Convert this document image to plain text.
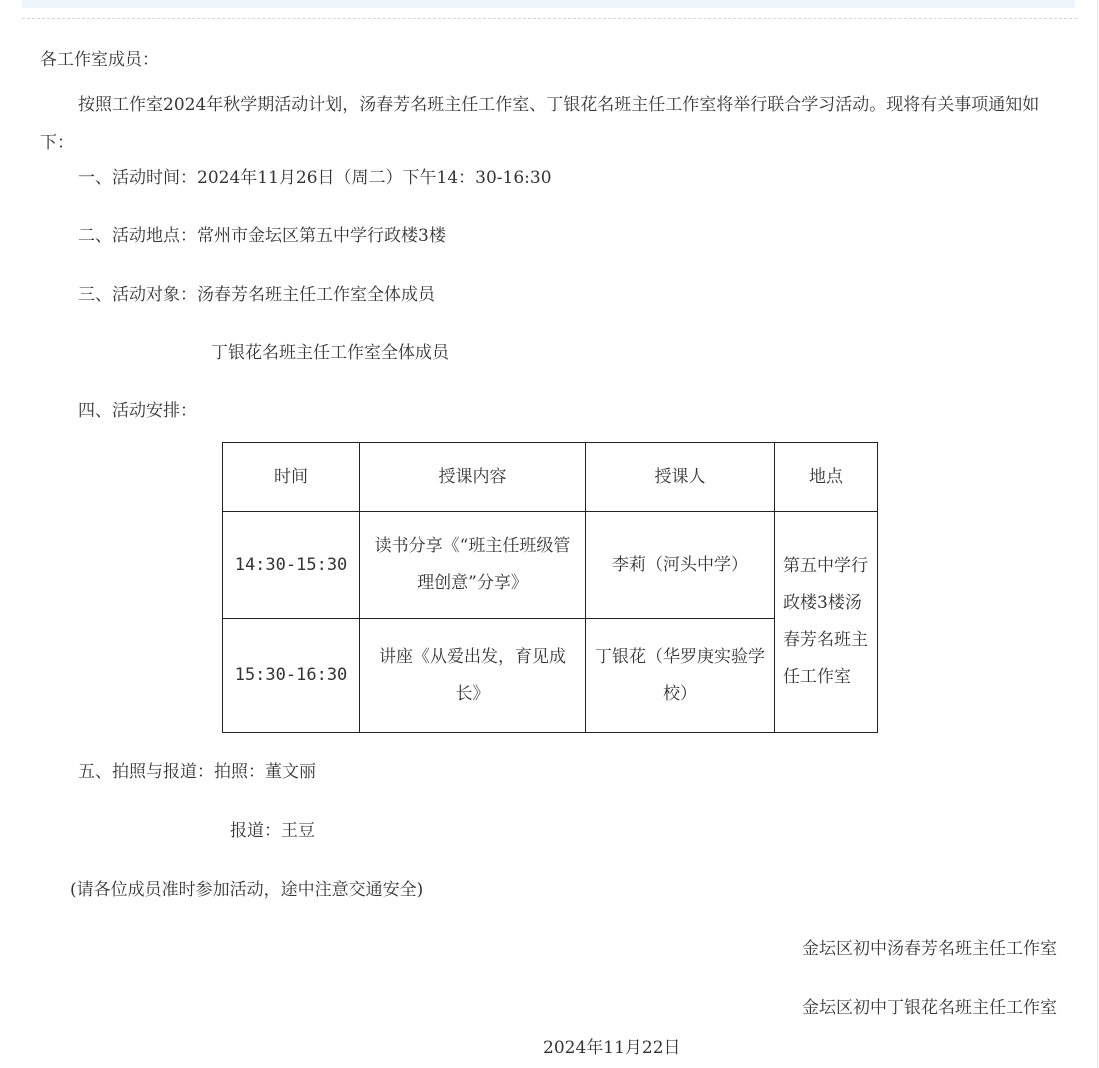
各工作室成员：
按照工作室2024年秋学期活动计划，汤春芳名班主任工作室、丁银花名班主任工作室将举行联合学习活动。现将有关事项通知如下：
一、活动时间：2024年11月26日（周二）下午14：30-16:30
二、活动地点：常州市金坛区第五中学行政楼3楼
三、活动对象：汤春芳名班主任工作室全体成员
丁银花名班主任工作室全体成员
四、活动安排：
时间	授课内容	授课人	地点
14:30-15:30	读书分享《“班主任班级管理创意”分享》	李莉（河头中学）	第五中学行政楼3楼汤春芳名班主任工作室
15:30-16:30	讲座《从爱出发，育见成长》	丁银花（华罗庚实验学校）	
五、拍照与报道：拍照：董文丽
报道：王豆
(请各位成员准时参加活动，途中注意交通安全)
金坛区初中汤春芳名班主任工作室
金坛区初中丁银花名班主任工作室
2024年11月22日
